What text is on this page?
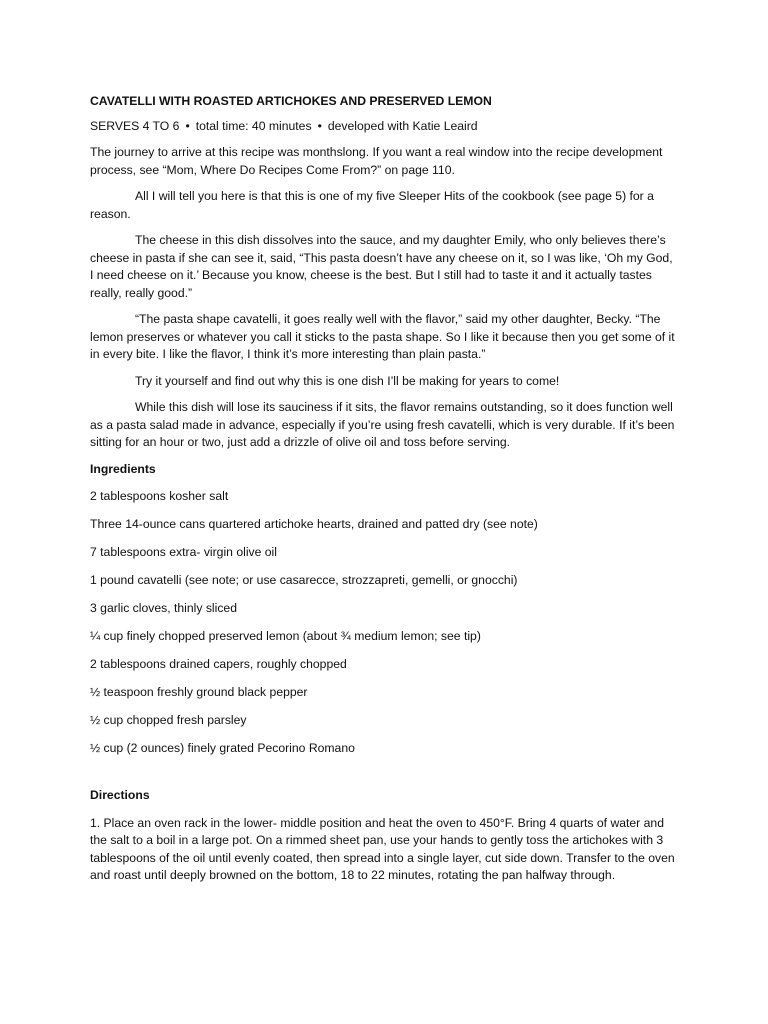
CAVATELLI WITH ROASTED ARTICHOKES AND PRESERVED LEMON
SERVES 4 TO 6 • total time: 40 minutes • developed with Katie Leaird

The journey to arrive at this recipe was monthslong. If you want a real window into the recipe development process, see “Mom, Where Do Recipes Come From?” on page 110.

All I will tell you here is that this is one of my five Sleeper Hits of the cookbook (see page 5) for a reason.

The cheese in this dish dissolves into the sauce, and my daughter Emily, who only believes there’s cheese in pasta if she can see it, said, “This pasta doesn’t have any cheese on it, so I was like, ‘Oh my God, I need cheese on it.’ Because you know, cheese is the best. But I still had to taste it and it actually tastes really, really good.”

“The pasta shape cavatelli, it goes really well with the flavor,” said my other daughter, Becky. “The lemon preserves or whatever you call it sticks to the pasta shape. So I like it because then you get some of it in every bite. I like the flavor, I think it’s more interesting than plain pasta.”

Try it yourself and find out why this is one dish I’ll be making for years to come!

While this dish will lose its sauciness if it sits, the flavor remains outstanding, so it does function well as a pasta salad made in advance, especially if you’re using fresh cavatelli, which is very durable. If it’s been sitting for an hour or two, just add a drizzle of olive oil and toss before serving.

Ingredients
2 tablespoons kosher salt
Three 14-ounce cans quartered artichoke hearts, drained and patted dry (see note)
7 tablespoons extra- virgin olive oil
1 pound cavatelli (see note; or use casarecce, strozzapreti, gemelli, or gnocchi)
3 garlic cloves, thinly sliced
¼ cup finely chopped preserved lemon (about ¾ medium lemon; see tip)
2 tablespoons drained capers, roughly chopped
½ teaspoon freshly ground black pepper
½ cup chopped fresh parsley
½ cup (2 ounces) finely grated Pecorino Romano
Directions

1. Place an oven rack in the lower- middle position and heat the oven to 450°F. Bring 4 quarts of water and the salt to a boil in a large pot. On a rimmed sheet pan, use your hands to gently toss the artichokes with 3 tablespoons of the oil until evenly coated, then spread into a single layer, cut side down. Transfer to the oven and roast until deeply browned on the bottom, 18 to 22 minutes, rotating the pan halfway through.
